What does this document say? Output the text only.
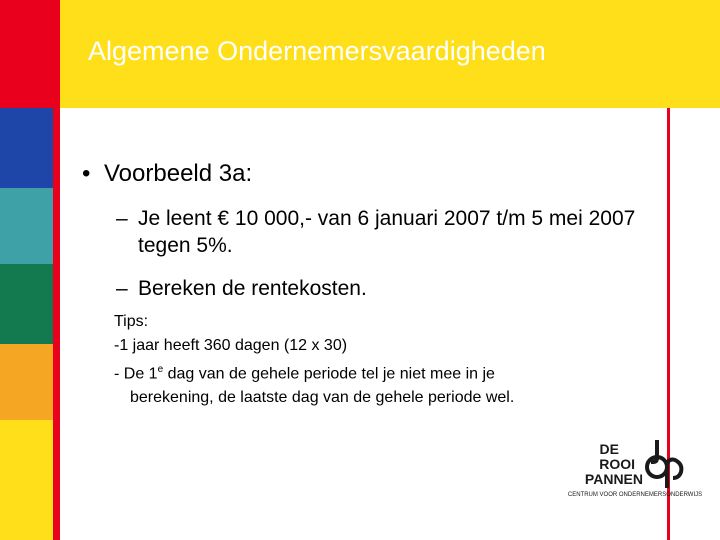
Algemene Ondernemersvaardigheden
• Voorbeeld 3a:
– Je leent € 10 000,- van 6 januari 2007 t/m 5 mei 2007 tegen 5%.
– Bereken de rentekosten.
Tips:
-1 jaar heeft 360 dagen (12 x 30)
- De 1e dag van de gehele periode tel je niet mee in je
berekening, de laatste dag van de gehele periode wel.
DE
ROOI
PANNEN
CENTRUM VOOR ONDERNEMERSONDERWIJS
